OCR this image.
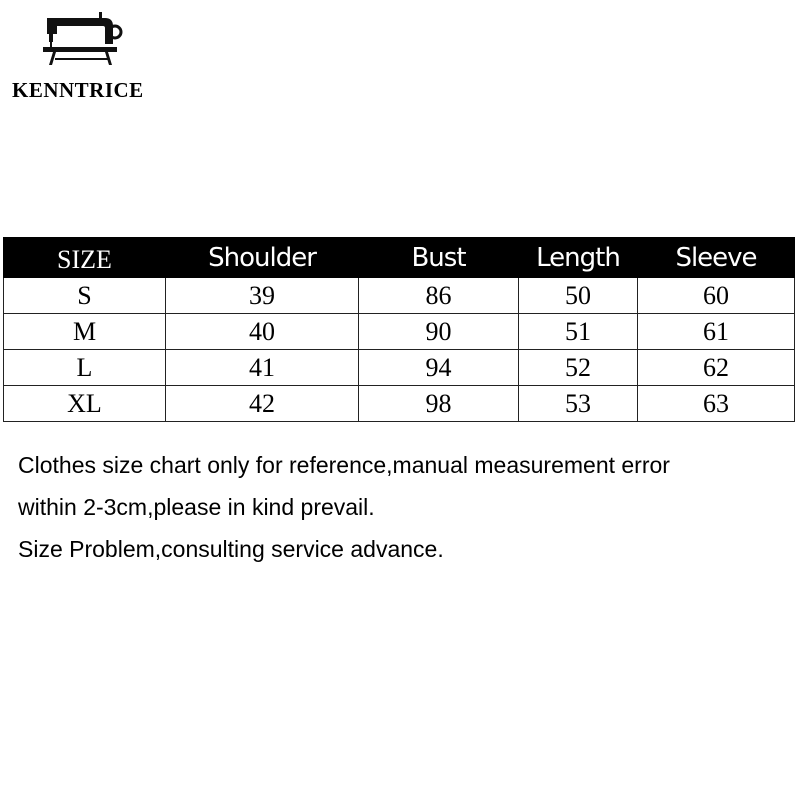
KENNTRICE
SIZE	Shoulder	Bust	Length	Sleeve
S	39	86	50	60
M	40	90	51	61
L	41	94	52	62
XL	42	98	53	63
Clothes size chart only for reference,manual measurement error
within 2-3cm,please in kind prevail.
Size Problem,consulting service advance.
